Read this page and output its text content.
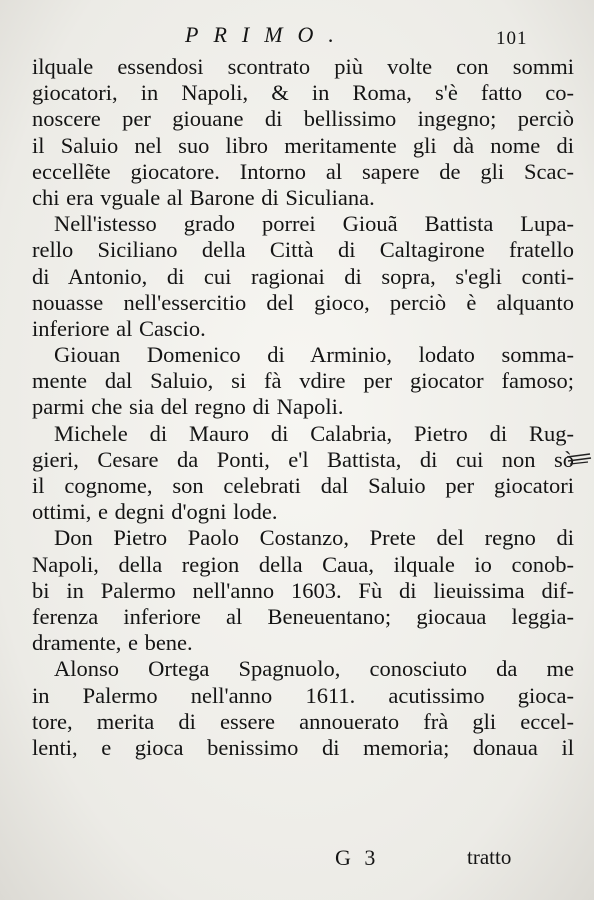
PRIMO.	101
ilquale essendosi scontrato più volte con sommi
giocatori, in Napoli, & in Roma, s'è fatto co-
noscere per giouane di bellissimo ingegno; perciò
il Saluio nel suo libro meritamente gli dà nome di
eccellẽte giocatore. Intorno al sapere de gli Scac-
chi era vguale al Barone di Siculiana.
Nell'istesso grado porrei Giouã Battista Lupa-
rello Siciliano della Città di Caltagirone fratello
di Antonio, di cui ragionai di sopra, s'egli conti-
nouasse nell'essercitio del gioco, perciò è alquanto
inferiore al Cascio.
Giouan Domenico di Arminio, lodato somma-
mente dal Saluio, si fà vdire per giocator famoso;
parmi che sia del regno di Napoli.
Michele di Mauro di Calabria, Pietro di Rug-
gieri, Cesare da Ponti, e'l Battista, di cui non sò
il cognome, son celebrati dal Saluio per giocatori
ottimi, e degni d'ogni lode.
Don Pietro Paolo Costanzo, Prete del regno di
Napoli, della region della Caua, ilquale io conob-
bi in Palermo nell'anno 1603. Fù di lieuissima dif-
ferenza inferiore al Beneuentano; giocaua leggia-
dramente, e bene.
Alonso Ortega Spagnuolo, conosciuto da me
in Palermo nell'anno 1611. acutissimo gioca-
tore, merita di essere annouerato frà gli eccel-
lenti, e gioca benissimo di memoria; donaua il
G 3	tratto
